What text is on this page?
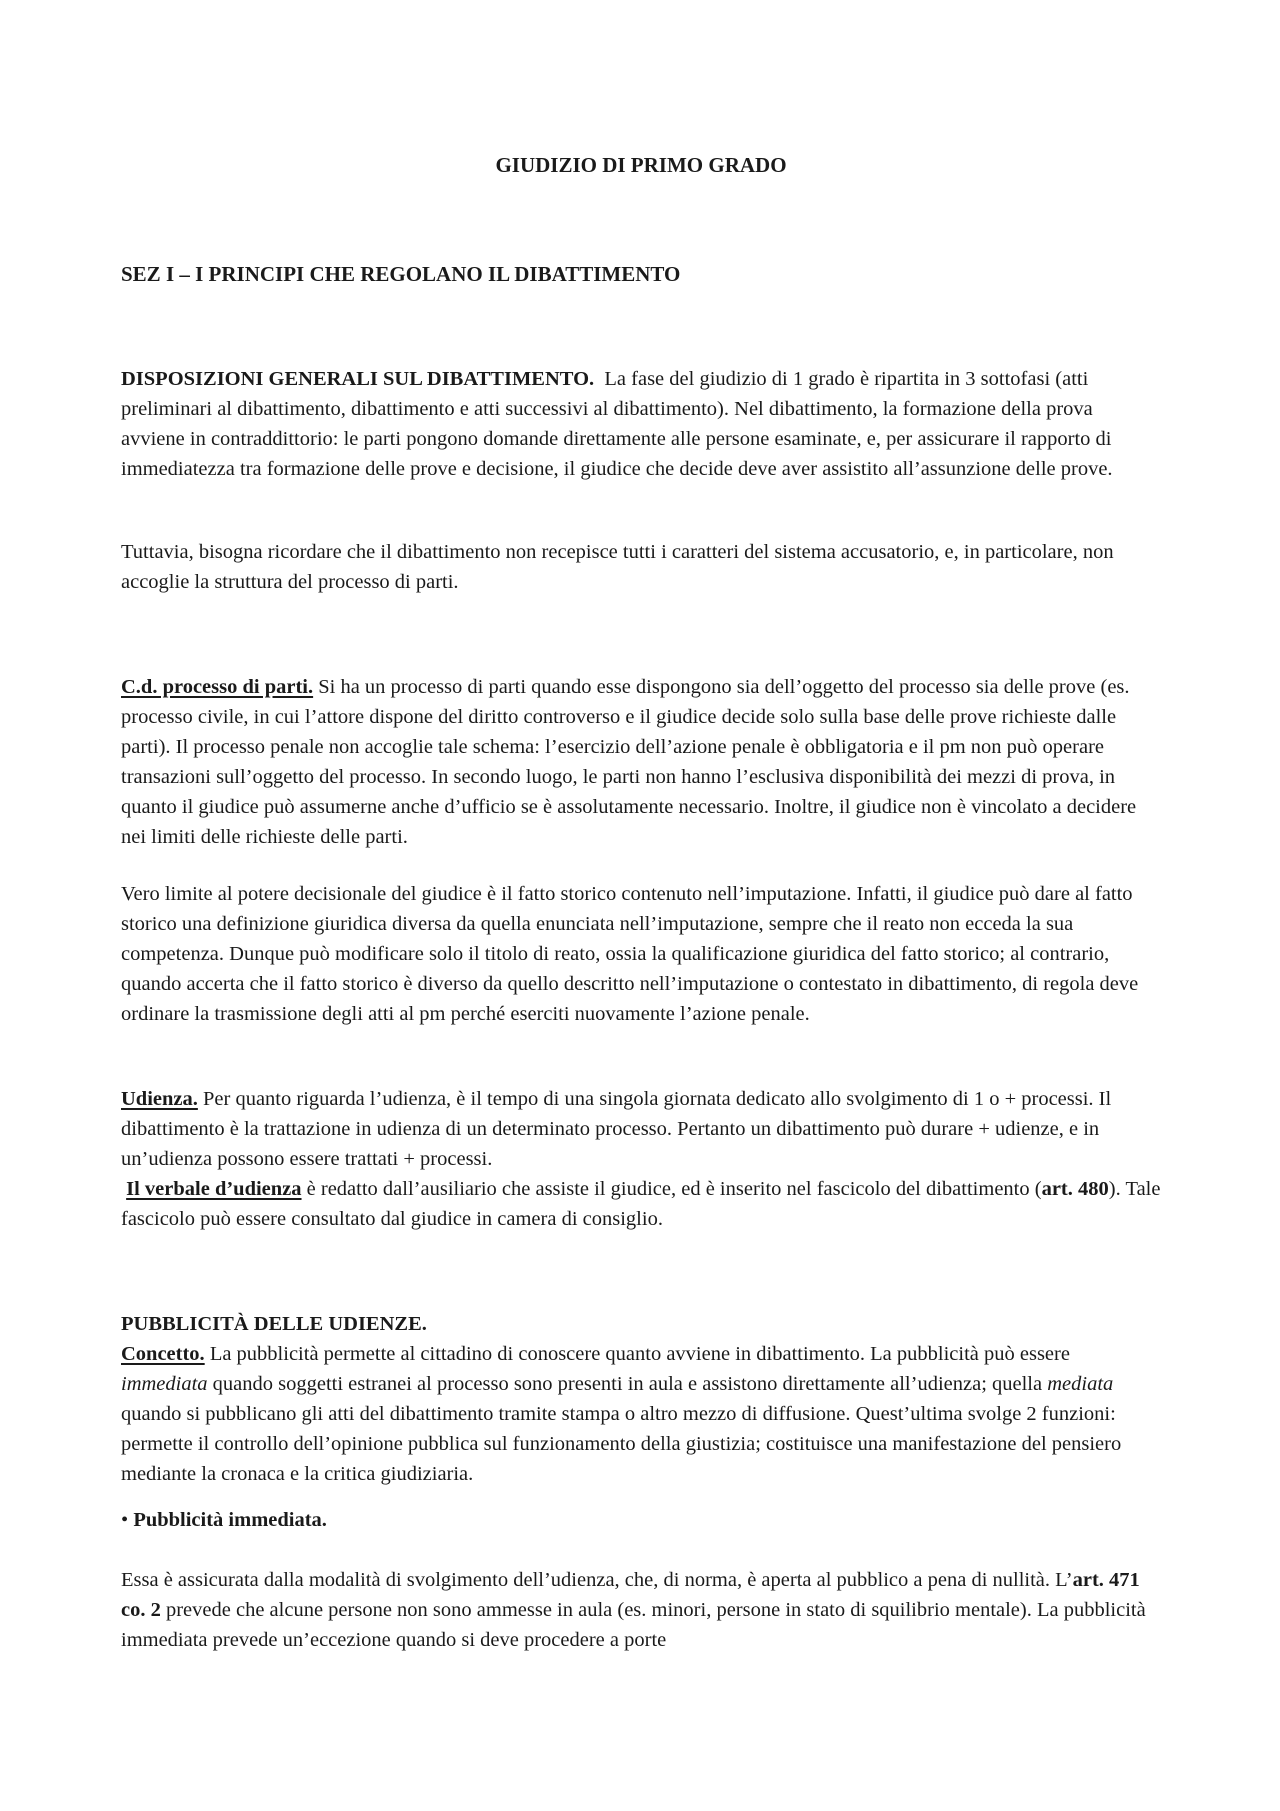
GIUDIZIO DI PRIMO GRADO
SEZ I – I PRINCIPI CHE REGOLANO IL DIBATTIMENTO

DISPOSIZIONI GENERALI SUL DIBATTIMENTO. La fase del giudizio di 1 grado è ripartita in 3 sottofasi (atti preliminari al dibattimento, dibattimento e atti successivi al dibattimento). Nel dibattimento, la formazione della prova avviene in contraddittorio: le parti pongono domande direttamente alle persone esaminate, e, per assicurare il rapporto di immediatezza tra formazione delle prove e decisione, il giudice che decide deve aver assistito all’assunzione delle prove.

Tuttavia, bisogna ricordare che il dibattimento non recepisce tutti i caratteri del sistema accusatorio, e, in particolare, non accoglie la struttura del processo di parti.

C.d. processo di parti. Si ha un processo di parti quando esse dispongono sia dell’oggetto del processo sia delle prove (es. processo civile, in cui l’attore dispone del diritto controverso e il giudice decide solo sulla base delle prove richieste dalle parti). Il processo penale non accoglie tale schema: l’esercizio dell’azione penale è obbligatoria e il pm non può operare transazioni sull’oggetto del processo. In secondo luogo, le parti non hanno l’esclusiva disponibilità dei mezzi di prova, in quanto il giudice può assumerne anche d’ufficio se è assolutamente necessario. Inoltre, il giudice non è vincolato a decidere nei limiti delle richieste delle parti.

Vero limite al potere decisionale del giudice è il fatto storico contenuto nell’imputazione. Infatti, il giudice può dare al fatto storico una definizione giuridica diversa da quella enunciata nell’imputazione, sempre che il reato non ecceda la sua competenza. Dunque può modificare solo il titolo di reato, ossia la qualificazione giuridica del fatto storico; al contrario, quando accerta che il fatto storico è diverso da quello descritto nell’imputazione o contestato in dibattimento, di regola deve ordinare la trasmissione degli atti al pm perché eserciti nuovamente l’azione penale.

Udienza. Per quanto riguarda l’udienza, è il tempo di una singola giornata dedicato allo svolgimento di 1 o + processi. Il dibattimento è la trattazione in udienza di un determinato processo. Pertanto un dibattimento può durare + udienze, e in un’udienza possono essere trattati + processi.
Il verbale d’udienza è redatto dall’ausiliario che assiste il giudice, ed è inserito nel fascicolo del dibattimento (art. 480). Tale fascicolo può essere consultato dal giudice in camera di consiglio.

PUBBLICITÀ DELLE UDIENZE.
Concetto. La pubblicità permette al cittadino di conoscere quanto avviene in dibattimento. La pubblicità può essere immediata quando soggetti estranei al processo sono presenti in aula e assistono direttamente all’udienza; quella mediata quando si pubblicano gli atti del dibattimento tramite stampa o altro mezzo di diffusione. Quest’ultima svolge 2 funzioni: permette il controllo dell’opinione pubblica sul funzionamento della giustizia; costituisce una manifestazione del pensiero mediante la cronaca e la critica giudiziaria.

• Pubblicità immediata.

Essa è assicurata dalla modalità di svolgimento dell’udienza, che, di norma, è aperta al pubblico a pena di nullità. L’art. 471 co. 2 prevede che alcune persone non sono ammesse in aula (es. minori, persone in stato di squilibrio mentale). La pubblicità immediata prevede un’eccezione quando si deve procedere a porte
